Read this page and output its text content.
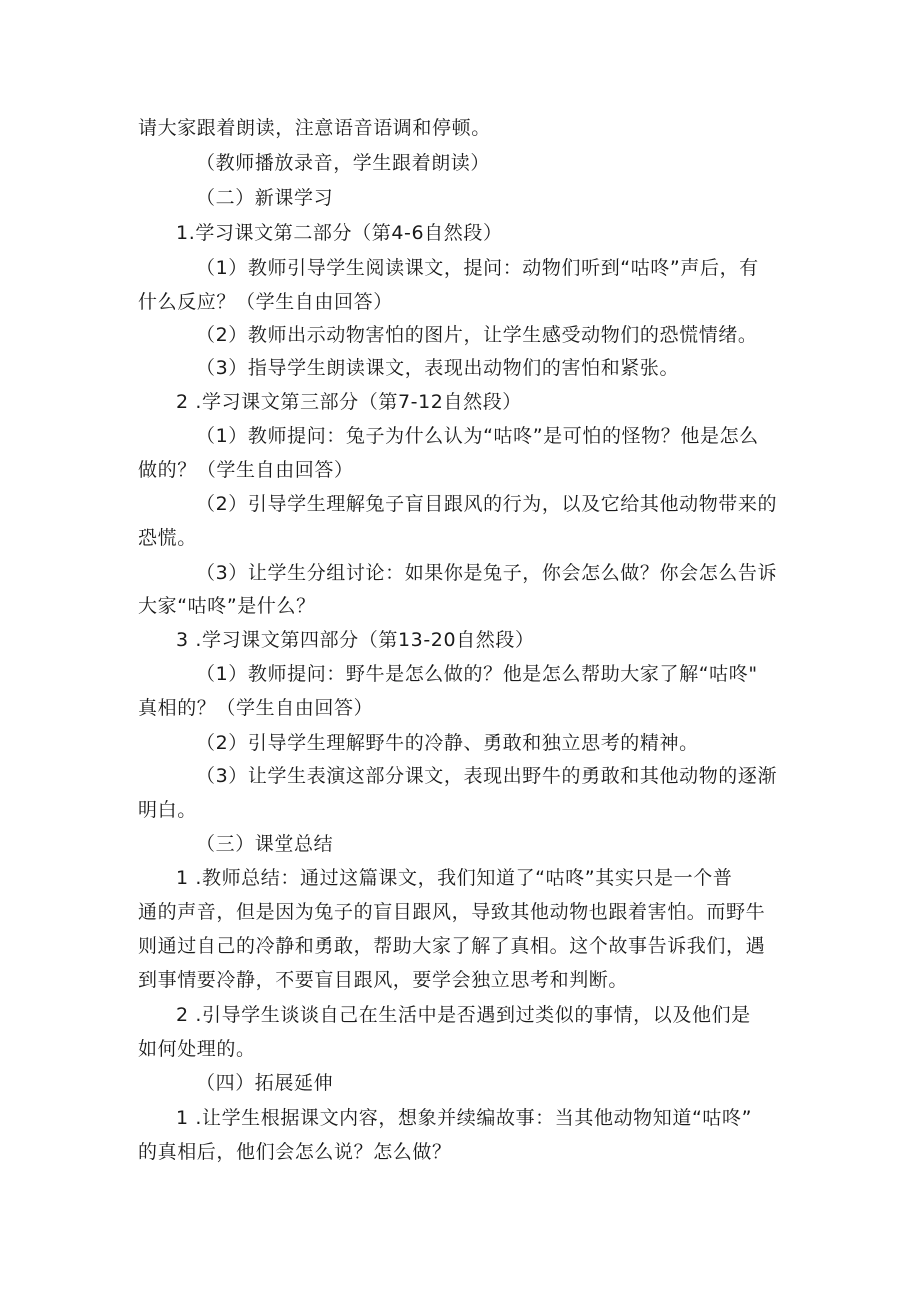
请大家跟着朗读，注意语音语调和停顿。
（教师播放录音，学生跟着朗读）
（二）新课学习
1.学习课文第二部分（第4-6自然段）
（1）教师引导学生阅读课文，提问：动物们听到“咕咚”声后，有
什么反应？（学生自由回答）
（2）教师出示动物害怕的图片，让学生感受动物们的恐慌情绪。
（3）指导学生朗读课文，表现出动物们的害怕和紧张。
2 .学习课文第三部分（第7-12自然段）
（1）教师提问：兔子为什么认为“咕咚”是可怕的怪物？他是怎么
做的？（学生自由回答）
（2）引导学生理解兔子盲目跟风的行为，以及它给其他动物带来的
恐慌。
（3）让学生分组讨论：如果你是兔子，你会怎么做？你会怎么告诉
大家“咕咚”是什么？
3 .学习课文第四部分（第13-20自然段）
（1）教师提问：野牛是怎么做的？他是怎么帮助大家了解“咕咚"
真相的？（学生自由回答）
（2）引导学生理解野牛的冷静、勇敢和独立思考的精神。
（3）让学生表演这部分课文，表现出野牛的勇敢和其他动物的逐渐
明白。
（三）课堂总结
1 .教师总结：通过这篇课文，我们知道了“咕咚”其实只是一个普
通的声音，但是因为兔子的盲目跟风，导致其他动物也跟着害怕。而野牛
则通过自己的冷静和勇敢，帮助大家了解了真相。这个故事告诉我们，遇
到事情要冷静，不要盲目跟风，要学会独立思考和判断。
2 .引导学生谈谈自己在生活中是否遇到过类似的事情，以及他们是
如何处理的。
（四）拓展延伸
1 .让学生根据课文内容，想象并续编故事：当其他动物知道“咕咚”
的真相后，他们会怎么说？怎么做？
